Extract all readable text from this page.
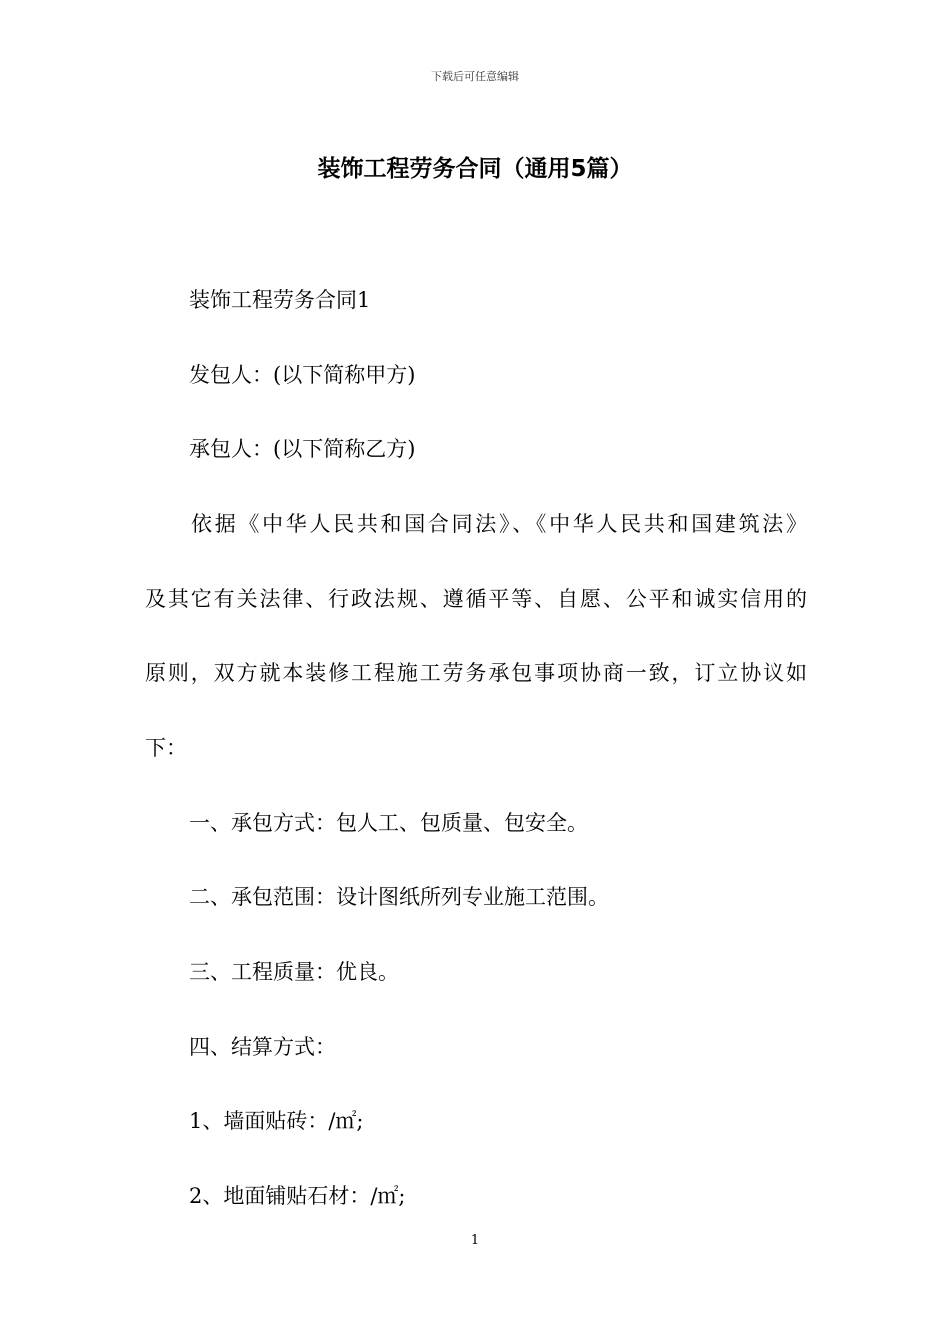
下载后可任意编辑
装饰工程劳务合同（通用5篇）
装饰工程劳务合同1
发包人：(以下简称甲方)
承包人：(以下简称乙方)
依据《中华人民共和国合同法》、《中华人民共和国建筑法》
及其它有关法律、行政法规、遵循平等、自愿、公平和诚实信用的
原则，双方就本装修工程施工劳务承包事项协商一致，订立协议如
下：
一、承包方式：包人工、包质量、包安全。
二、承包范围：设计图纸所列专业施工范围。
三、工程质量：优良。
四、结算方式：
1、墙面贴砖：/㎡;
2、地面铺贴石材：/㎡;
1
